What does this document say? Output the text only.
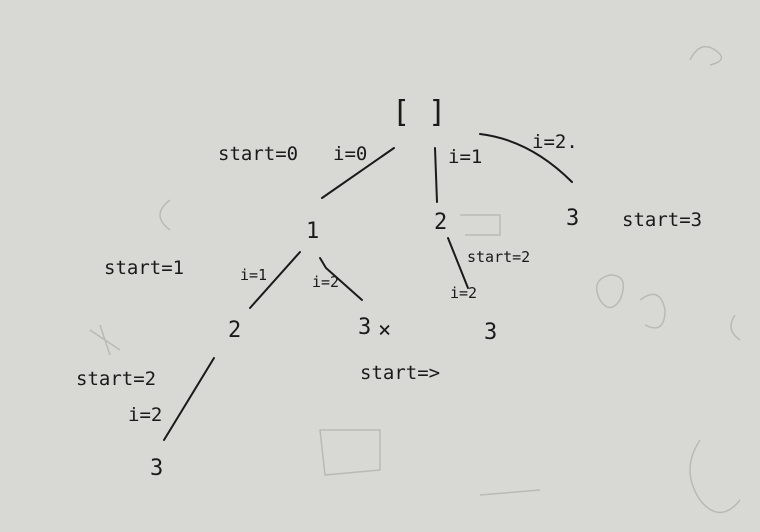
[ ]
start=0 i=0	i=1
i=2.
start=3
1	2	3
start=1	i=1	i=2
start=2
i=2
2	3 ×	3
start=2
i=2
start=>
3
